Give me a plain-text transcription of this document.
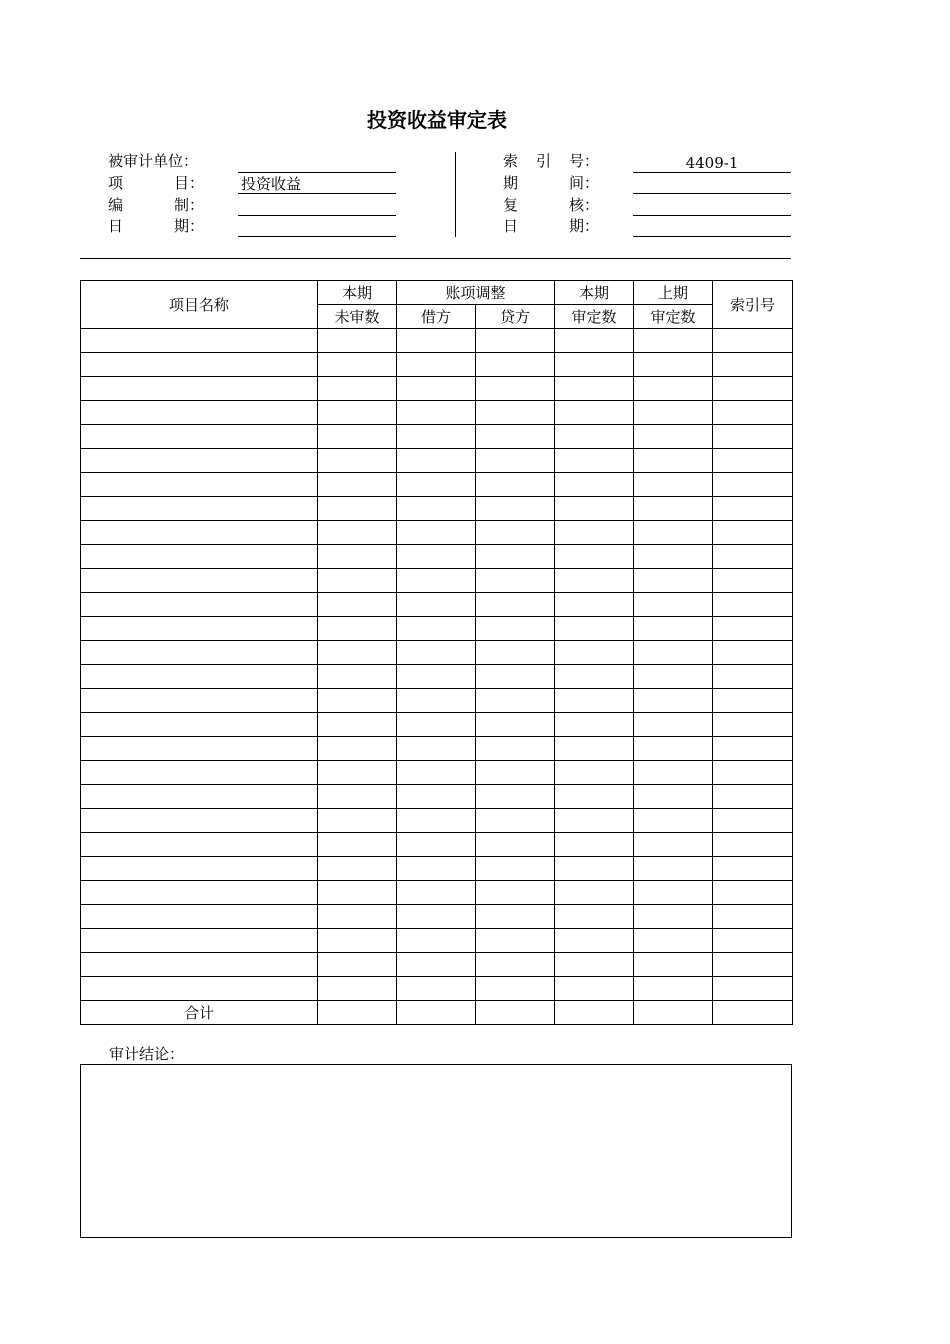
投资收益审定表
被审计单位：
项	目： 投资收益
编	制：
日	期：
索 引 号：	4409-1
期	间：
复	核：
日	期：
项目名称	本期	账项调整		本期	上期	索引号
	未审数	借方	贷方	审定数	审定数	

合计						
审计结论：
